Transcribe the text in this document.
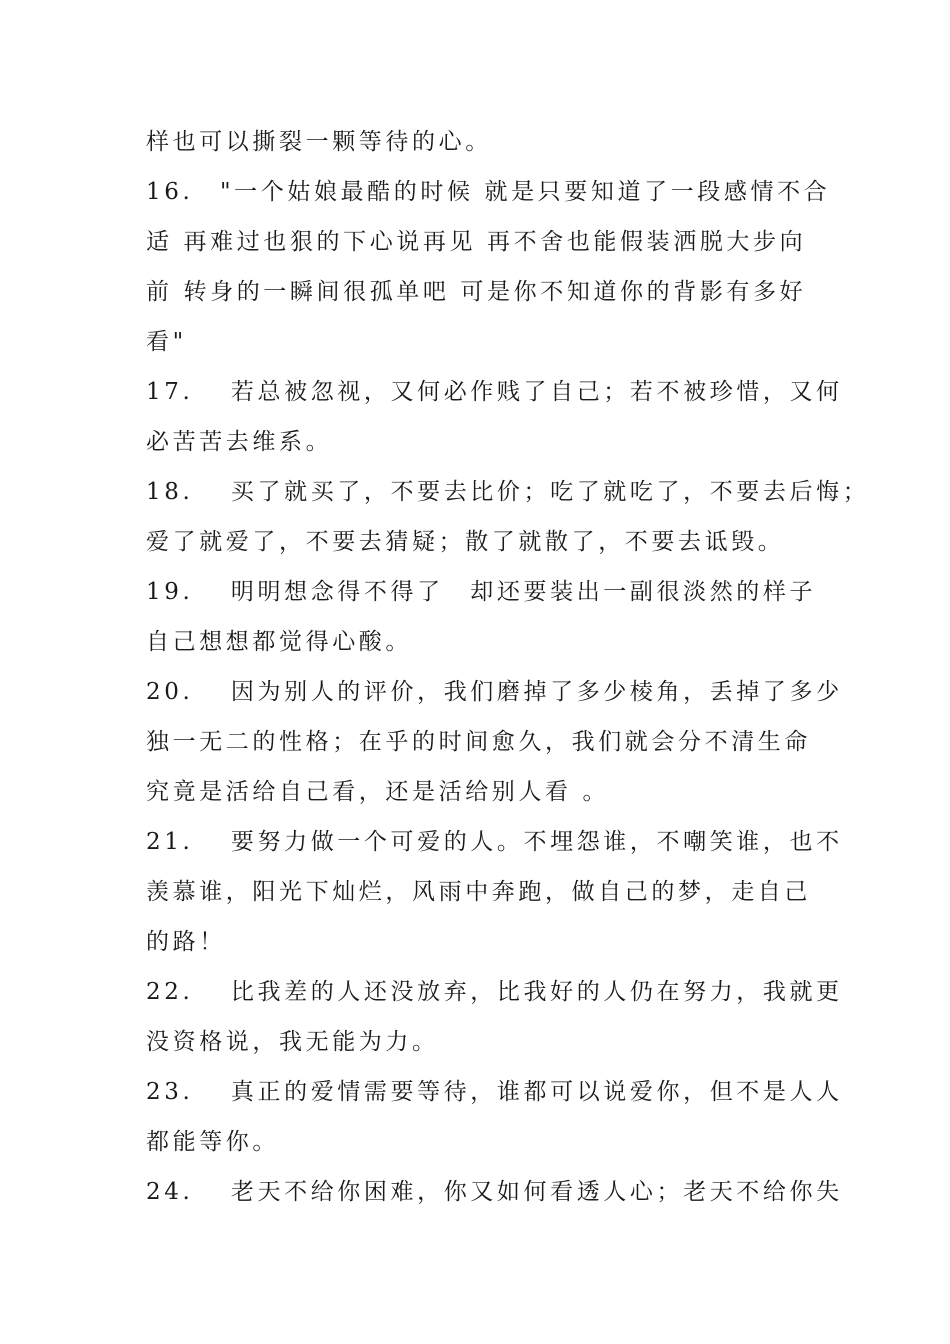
样也可以撕裂一颗等待的心。
16.　"一个姑娘最酷的时候 就是只要知道了一段感情不合
适 再难过也狠的下心说再见 再不舍也能假装洒脱大步向
前 转身的一瞬间很孤单吧 可是你不知道你的背影有多好
看"
17.　 若总被忽视，又何必作贱了自己；若不被珍惜，又何
必苦苦去维系。
18.　 买了就买了，不要去比价；吃了就吃了，不要去后悔；
爱了就爱了，不要去猜疑；散了就散了，不要去诋毁。
19.　 明明想念得不得了　却还要装出一副很淡然的样子
自己想想都觉得心酸。
20.　 因为别人的评价，我们磨掉了多少棱角，丢掉了多少
独一无二的性格；在乎的时间愈久，我们就会分不清生命
究竟是活给自己看，还是活给别人看 。
21.　 要努力做一个可爱的人。不埋怨谁，不嘲笑谁，也不
羡慕谁，阳光下灿烂，风雨中奔跑，做自己的梦，走自己
的路！
22.　 比我差的人还没放弃，比我好的人仍在努力，我就更
没资格说，我无能为力。
23.　 真正的爱情需要等待，谁都可以说爱你，但不是人人
都能等你。
24.　 老天不给你困难，你又如何看透人心；老天不给你失
